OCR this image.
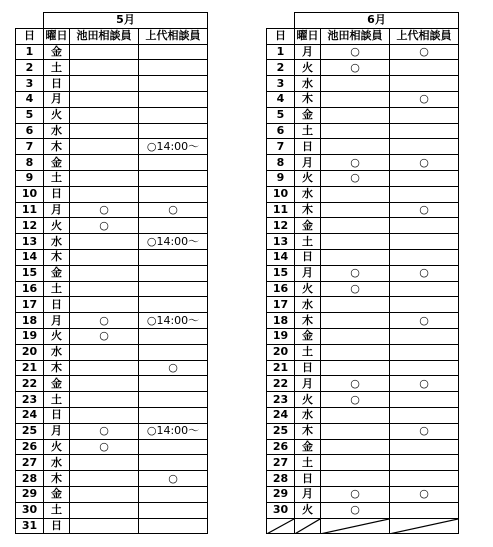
	5月		
日	曜日	池田相談員	上代相談員
1	金		
2	土		
3	日		
4	月		
5	火		
6	水		
7	木		○14:00～
8	金		
9	土		
10	日		
11	月	○	○
12	火	○	
13	水		○14:00～
14	木		
15	金		
16	土		
17	日		
18	月	○	○14:00～
19	火	○	
20	水		
21	木		○
22	金		
23	土		
24	日		
25	月	○	○14:00～
26	火	○	
27	水		
28	木		○
29	金		
30	土		
31	日		
	6月		
日	曜日	池田相談員	上代相談員
1	月	○	○
2	火	○	
3	水		
4	木		○
5	金		
6	土		
7	日		
8	月	○	○
9	火	○	
10	水		
11	木		○
12	金		
13	土		
14	日		
15	月	○	○
16	火	○	
17	水		
18	木		○
19	金		
20	土		
21	日		
22	月	○	○
23	火	○	
24	水		
25	木		○
26	金		
27	土		
28	日		
29	月	○	○
30	火	○	
